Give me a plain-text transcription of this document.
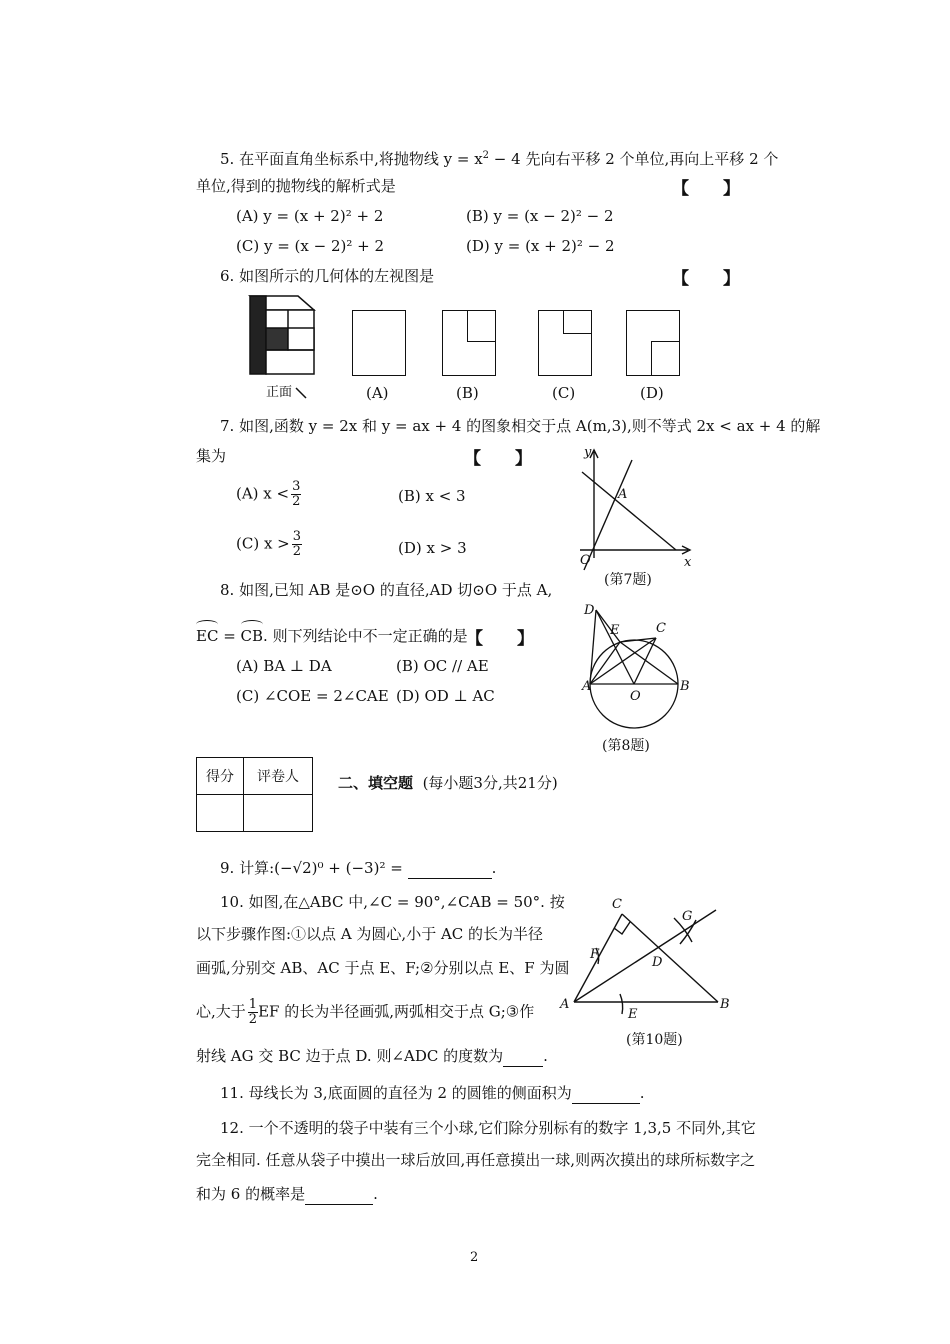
5. 在平面直角坐标系中,将抛物线 $y = x^2 - 4$ 先向右平移 2 个单位,再向上平移 2 个
单位,得到的抛物线的解析式是	【　　】
(A) y = (x + 2)² + 2	(B) y = (x − 2)² − 2
(C) y = (x − 2)² + 2	(D) y = (x + 2)² − 2
6. 如图所示的几何体的左视图是	【　　】
正面	(A)	(B)	(C)	(D)
7. 如图,函数 y = 2x 和 y = ax + 4 的图象相交于点 A(m,3),则不等式 2x < ax + 4 的解
集为	【　　】
(A) $x < \frac{3}{2}$	(B) x < 3
(C) $x > \frac{3}{2}$	(D) x > 3
y
x
O
A
(第7题)
8. 如图,已知 AB 是⊙O 的直径,AD 切⊙O 于点 A,
EC = CB. 则下列结论中不一定正确的是
【　　】
(A) BA ⊥ DA	(B) OC // AE
(C) ∠COE = 2∠CAE (D) OD ⊥ AC
D
E	C
A
O
B
(第8题)
得分	评卷人
		二、填空题 (每小题3分,共21分)
9. 计算:(−√2)⁰ + (−3)² =	.
10. 如图,在△ABC 中,∠C = 90°,∠CAB = 50°. 按
以下步骤作图:①以点 A 为圆心,小于 AC 的长为半径
画弧,分别交 AB、AC 于点 E、F;②分别以点 E、F 为圆
心,大于 $\frac{1}{2}$ EF 的长为半径画弧,两弧相交于点 G;③作
射线 AG 交 BC 边于点 D. 则∠ADC 的度数为	.
C
G
F
D
A
E
B
(第10题)
11. 母线长为 3,底面圆的直径为 2 的圆锥的侧面积为	.
12. 一个不透明的袋子中装有三个小球,它们除分别标有的数字 1,3,5 不同外,其它
完全相同. 任意从袋子中摸出一球后放回,再任意摸出一球,则两次摸出的球所标数字之
和为 6 的概率是	.
2
